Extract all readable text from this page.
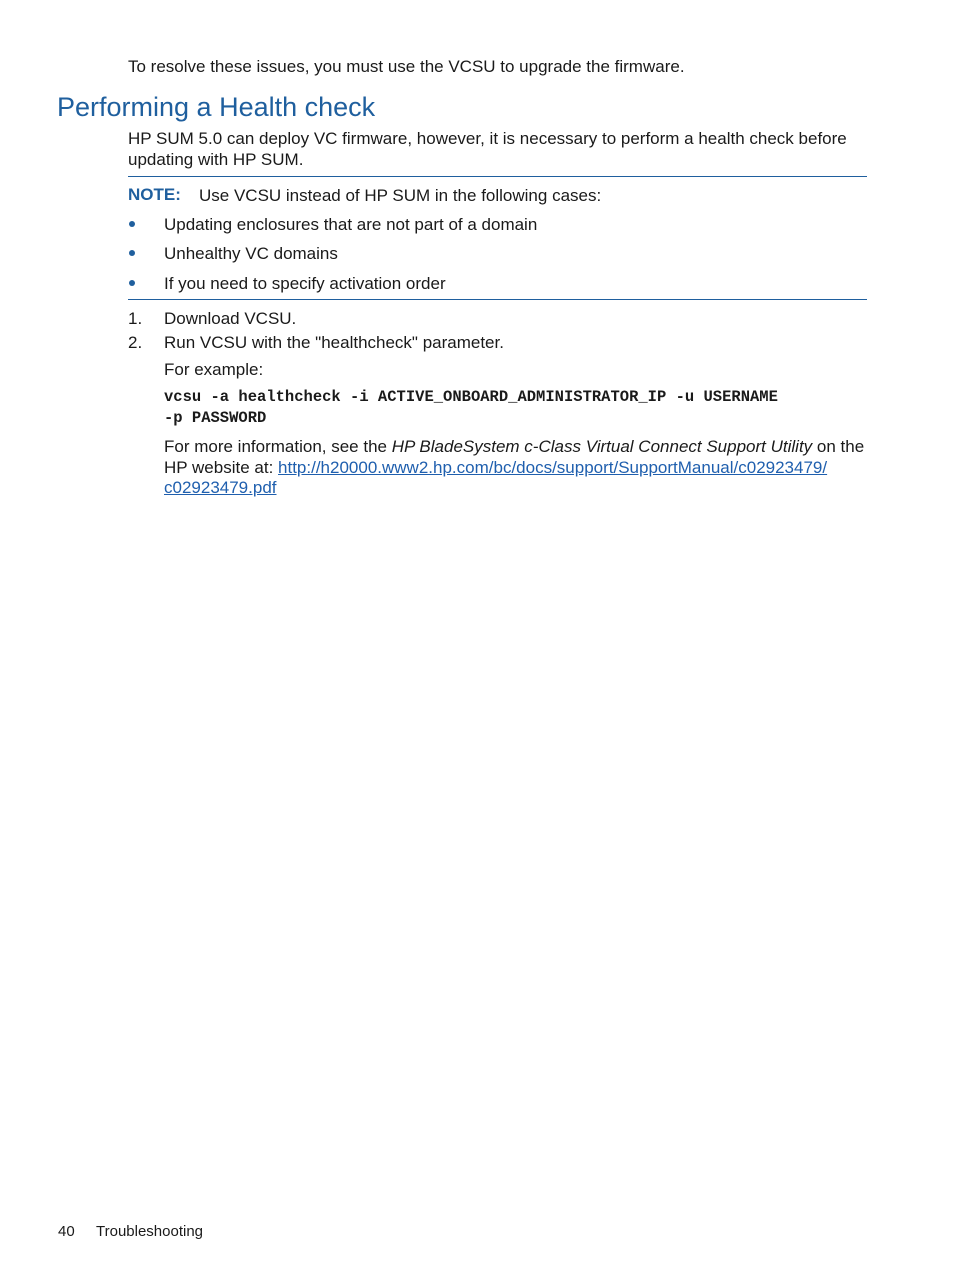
To resolve these issues, you must use the VCSU to upgrade the firmware.
Performing a Health check
HP SUM 5.0 can deploy VC firmware, however, it is necessary to perform a health check before
updating with HP SUM.
NOTE: Use VCSU instead of HP SUM in the following cases:
Updating enclosures that are not part of a domain
Unhealthy VC domains
If you need to specify activation order
1. Download VCSU.
2. Run VCSU with the "healthcheck" parameter.
For example:
vcsu -a healthcheck -i ACTIVE_ONBOARD_ADMINISTRATOR_IP -u USERNAME
-p PASSWORD
For more information, see the HP BladeSystem c-Class Virtual Connect Support Utility on the
HP website at: http://h20000.www2.hp.com/bc/docs/support/SupportManual/c02923479/
c02923479.pdf
40 Troubleshooting
